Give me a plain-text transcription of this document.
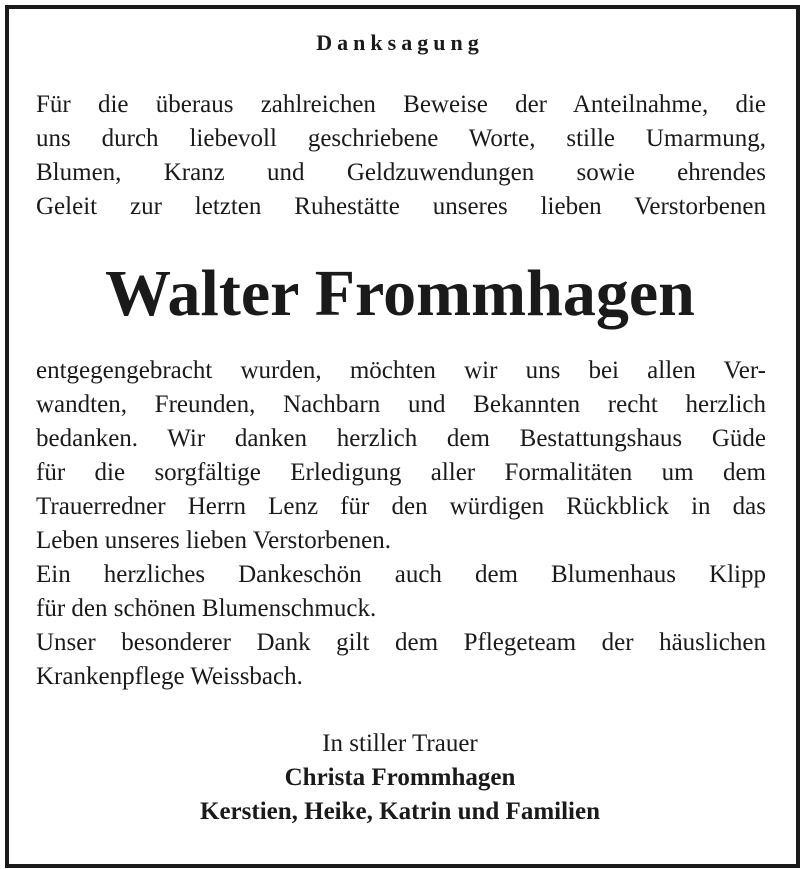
Danksagung
Für die überaus zahlreichen Beweise der Anteilnahme, die
uns durch liebevoll geschriebene Worte, stille Umarmung,
Blumen, Kranz und Geldzuwendungen sowie ehrendes
Geleit zur letzten Ruhestätte unseres lieben Verstorbenen
Walter Frommhagen
entgegengebracht wurden, möchten wir uns bei allen Ver-
wandten, Freunden, Nachbarn und Bekannten recht herzlich
bedanken. Wir danken herzlich dem Bestattungshaus Güde
für die sorgfältige Erledigung aller Formalitäten um dem
Trauerredner Herrn Lenz für den würdigen Rückblick in das
Leben unseres lieben Verstorbenen.
Ein herzliches Dankeschön auch dem Blumenhaus Klipp
für den schönen Blumenschmuck.
Unser besonderer Dank gilt dem Pflegeteam der häuslichen
Krankenpflege Weissbach.
In stiller Trauer
Christa Frommhagen
Kerstien, Heike, Katrin und Familien
